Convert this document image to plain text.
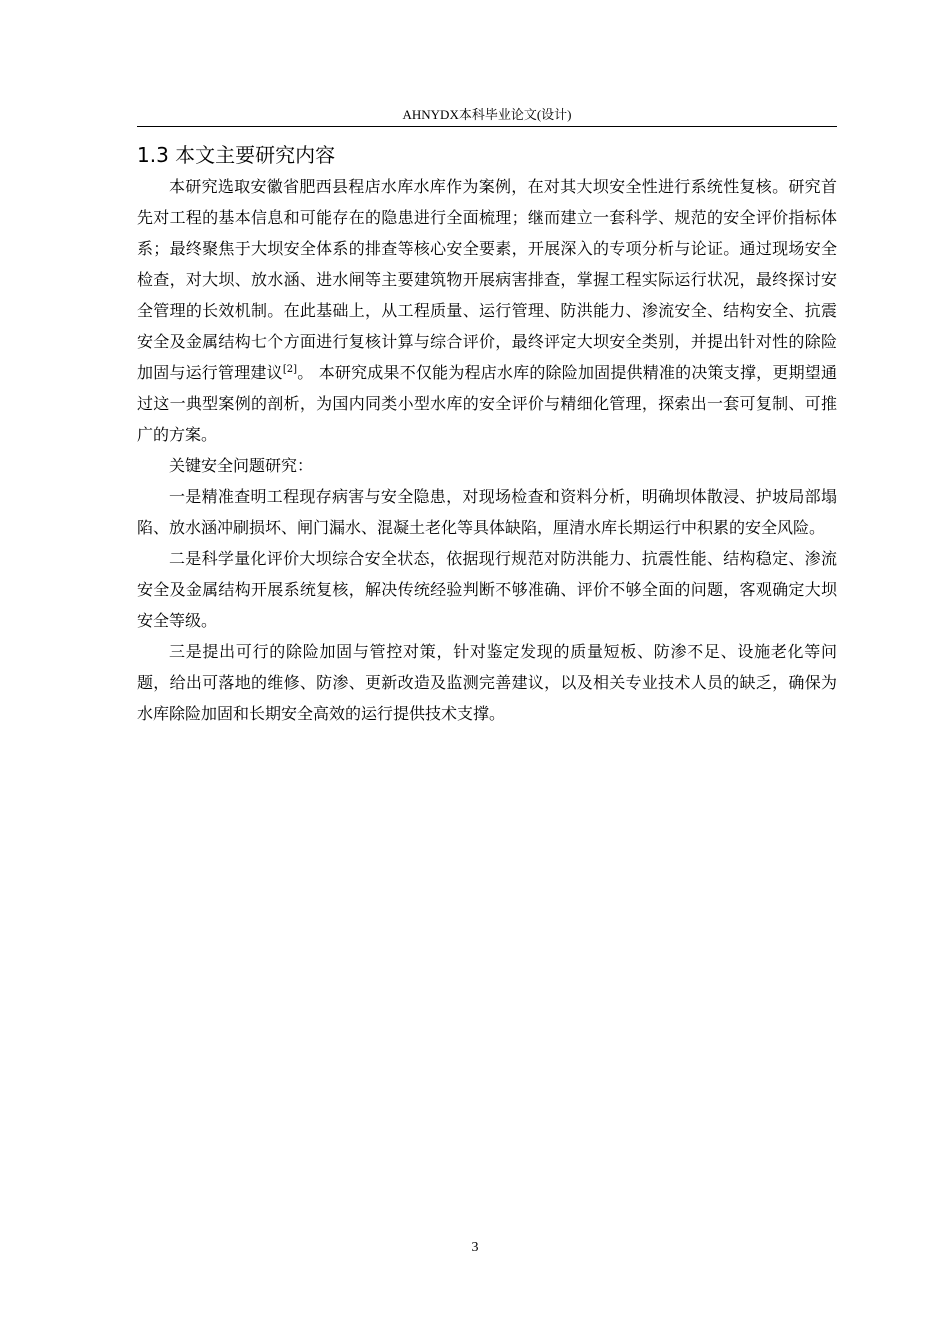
AHNYDX本科毕业论文(设计)
1.3 本文主要研究内容

本研究选取安徽省肥西县程店水库水库作为案例，在对其大坝安全性进行系统性复核。研究首先对工程的基本信息和可能存在的隐患进行全面梳理；继而建立一套科学、规范的安全评价指标体系；最终聚焦于大坝安全体系的排查等核心安全要素，开展深入的专项分析与论证。通过现场安全检查，对大坝、放水涵、进水闸等主要建筑物开展病害排查，掌握工程实际运行状况，最终探讨安全管理的长效机制。在此基础上，从工程质量、运行管理、防洪能力、渗流安全、结构安全、抗震安全及金属结构七个方面进行复核计算与综合评价，最终评定大坝安全类别，并提出针对性的除险加固与运行管理建议[2]。 本研究成果不仅能为程店水库的除险加固提供精准的决策支撑，更期望通过这一典型案例的剖析，为国内同类小型水库的安全评价与精细化管理，探索出一套可复制、可推广的方案。

关键安全问题研究：

一是精准查明工程现存病害与安全隐患，对现场检查和资料分析，明确坝体散浸、护坡局部塌陷、放水涵冲刷损坏、闸门漏水、混凝土老化等具体缺陷，厘清水库长期运行中积累的安全风险。

二是科学量化评价大坝综合安全状态，依据现行规范对防洪能力、抗震性能、结构稳定、渗流安全及金属结构开展系统复核，解决传统经验判断不够准确、评价不够全面的问题，客观确定大坝安全等级。

三是提出可行的除险加固与管控对策，针对鉴定发现的质量短板、防渗不足、设施老化等问题，给出可落地的维修、防渗、更新改造及监测完善建议，以及相关专业技术人员的缺乏，确保为水库除险加固和长期安全高效的运行提供技术支撑。

3
